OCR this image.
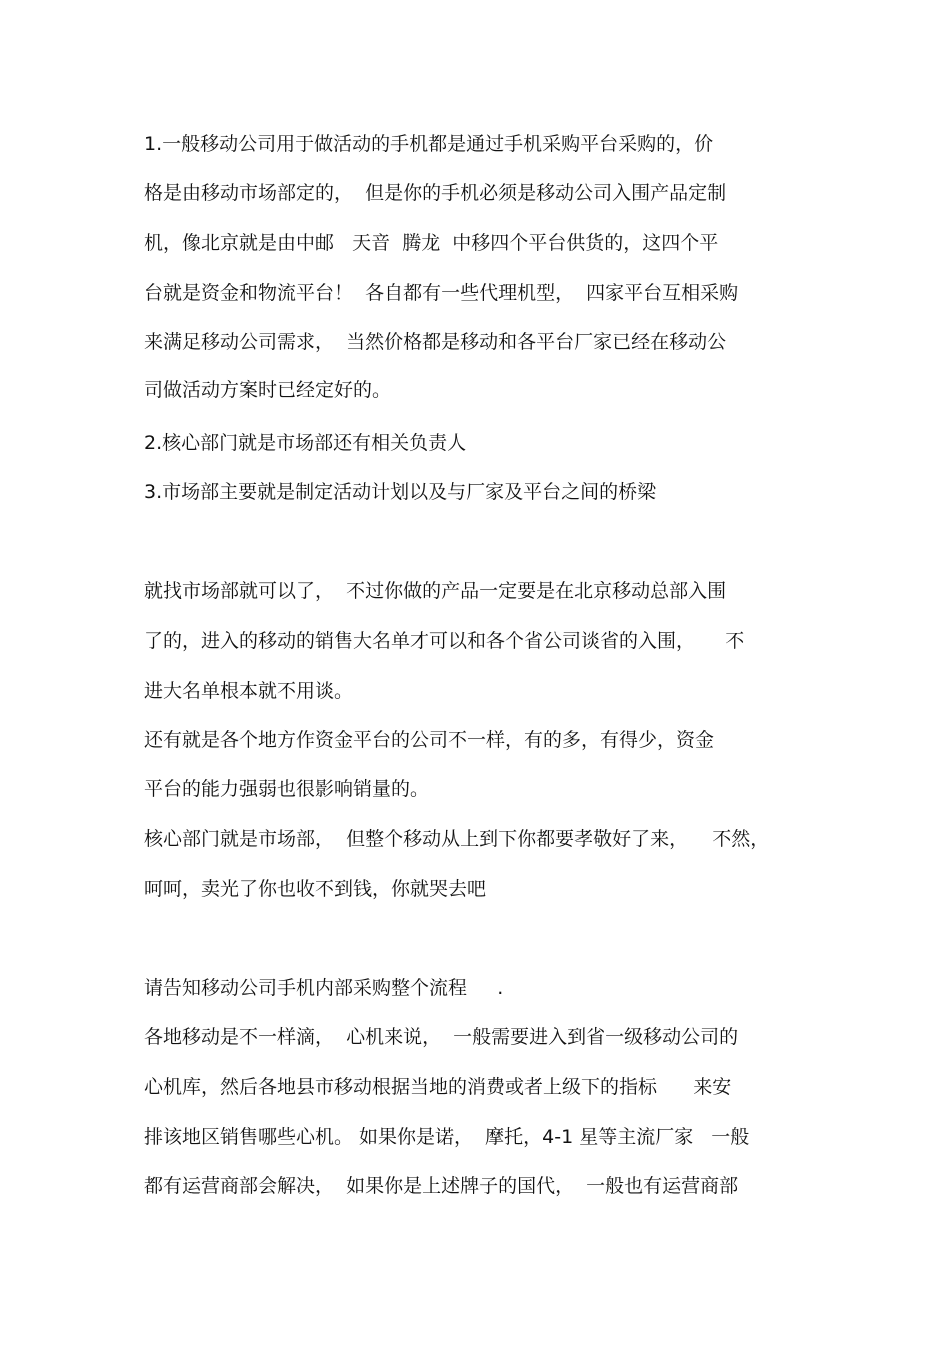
1.一般移动公司用于做活动的手机都是通过手机采购平台采购的，价
格是由移动市场部定的，  但是你的手机必须是移动公司入围产品定制
机，像北京就是由中邮   天音  腾龙  中移四个平台供货的，这四个平
台就是资金和物流平台！  各自都有一些代理机型，  四家平台互相采购
来满足移动公司需求，  当然价格都是移动和各平台厂家已经在移动公
司做活动方案时已经定好的。
2.核心部门就是市场部还有相关负责人
3.市场部主要就是制定活动计划以及与厂家及平台之间的桥梁
就找市场部就可以了，  不过你做的产品一定要是在北京移动总部入围
了的，进入的移动的销售大名单才可以和各个省公司谈省的入围，     不
进大名单根本就不用谈。
还有就是各个地方作资金平台的公司不一样，有的多，有得少，资金
平台的能力强弱也很影响销量的。
核心部门就是市场部，  但整个移动从上到下你都要孝敬好了来，    不然，
呵呵，卖光了你也收不到钱，你就哭去吧
请告知移动公司手机内部采购整个流程     .
各地移动是不一样滴，  心机来说，  一般需要进入到省一级移动公司的
心机库，然后各地县市移动根据当地的消费或者上级下的指标      来安
排该地区销售哪些心机。 如果你是诺，  摩托，4-1 星等主流厂家   一般
都有运营商部会解决，  如果你是上述牌子的国代，  一般也有运营商部
